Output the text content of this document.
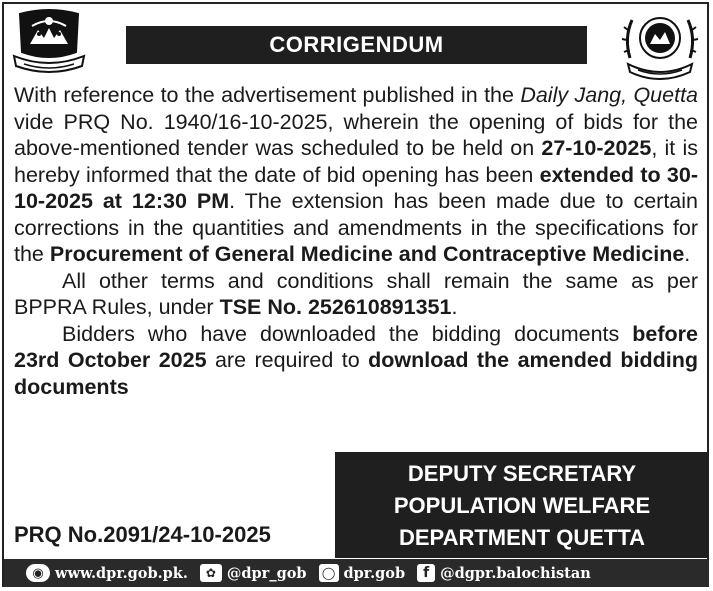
CORRIGENDUM

With reference to the advertisement published in the Daily Jang, Quetta vide PRQ No. 1940/16-10-2025, wherein the opening of bids for the above-mentioned tender was scheduled to be held on 27-10-2025, it is hereby informed that the date of bid opening has been extended to 30-10-2025 at 12:30 PM. The extension has been made due to certain corrections in the quantities and amendments in the specifications for the Procurement of General Medicine and Contraceptive Medicine.

All other terms and conditions shall remain the same as per BPPRA Rules, under TSE No. 252610891351.

Bidders who have downloaded the bidding documents before 23rd October 2025 are required to download the amended bidding documents

DEPUTY SECRETARY
POPULATION WELFARE
DEPARTMENT QUETTA
PRQ No.2091/24-10-2025
◉ www.dpr.gob.pk.	✿ @dpr_gob ◯ dpr.gob	f @dgpr.balochistan
